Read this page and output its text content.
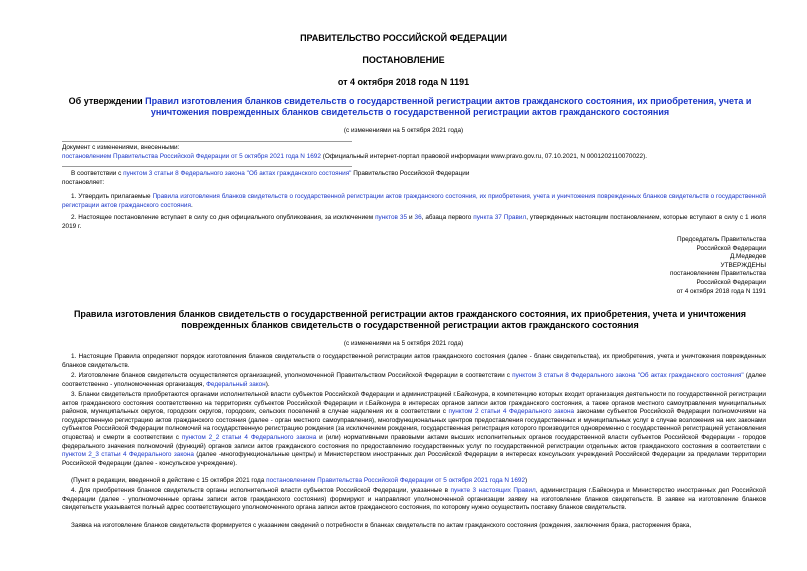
ПРАВИТЕЛЬСТВО РОССИЙСКОЙ ФЕДЕРАЦИИ
ПОСТАНОВЛЕНИЕ
от 4 октября 2018 года N 1191
Об утверждении Правил изготовления бланков свидетельств о государственной регистрации актов гражданского состояния, их приобретения, учета и уничтожения поврежденных бланков свидетельств о государственной регистрации актов гражданского состояния
(с изменениями на 5 октября 2021 года)
Документ с изменениями, внесенными:
постановлением Правительства Российской Федерации от 5 октября 2021 года N 1692 (Официальный интернет-портал правовой информации www.pravo.gov.ru, 07.10.2021, N 0001202110070022).
В соответствии с пунктом 3 статьи 8 Федерального закона "Об актах гражданского состояния" Правительство Российской Федерации
постановляет:
1. Утвердить прилагаемые Правила изготовления бланков свидетельств о государственной регистрации актов гражданского состояния, их приобретения, учета и уничтожения поврежденных бланков свидетельств о государственной регистрации актов гражданского состояния.
2. Настоящее постановление вступает в силу со дня официального опубликования, за исключением пунктов 35 и 36, абзаца первого пункта 37 Правил, утвержденных настоящим постановлением, которые вступают в силу с 1 июля 2019 г.
Председатель Правительства
Российской Федерации
Д.Медведев
УТВЕРЖДЕНЫ
постановлением Правительства
Российской Федерации
от 4 октября 2018 года N 1191
Правила изготовления бланков свидетельств о государственной регистрации актов гражданского состояния, их приобретения, учета и уничтожения поврежденных бланков свидетельств о государственной регистрации актов гражданского состояния
(с изменениями на 5 октября 2021 года)
1. Настоящие Правила определяют порядок изготовления бланков свидетельств о государственной регистрации актов гражданского состояния (далее - бланк свидетельства), их приобретения, учета и уничтожения поврежденных бланков свидетельств.
2. Изготовление бланков свидетельств осуществляется организацией, уполномоченной Правительством Российской Федерации в соответствии с пунктом 3 статьи 8 Федерального закона "Об актах гражданского состояния" (далее соответственно - уполномоченная организация, Федеральный закон).
3. Бланки свидетельств приобретаются органами исполнительной власти субъектов Российской Федерации и администрацией г.Байконура, в компетенцию которых входит организация деятельности по государственной регистрации актов гражданского состояния соответственно на территориях субъектов Российской Федерации и г.Байконура в интересах органов записи актов гражданского состояния, а также органов местного самоуправления муниципальных районов, муниципальных округов, городских округов, городских, сельских поселений в случае наделения их в соответствии с пунктом 2 статьи 4 Федерального закона законами субъектов Российской Федерации полномочиями на государственную регистрацию актов гражданского состояния (далее - орган местного самоуправления), многофункциональных центров предоставления государственных и муниципальных услуг в случае возложения на них законами субъектов Российской Федерации полномочий на государственную регистрацию рождения (за исключением рождения, государственная регистрация которого производится одновременно с государственной регистрацией установления отцовства) и смерти в соответствии с пунктом 2_2 статьи 4 Федерального закона и (или) нормативными правовыми актами высших исполнительных органов государственной власти субъектов Российской Федерации - городов федерального значения полномочий (функций) органов записи актов гражданского состояния по предоставлению государственных услуг по государственной регистрации отдельных актов гражданского состояния в соответствии с пунктом 2_3 статьи 4 Федерального закона (далее -многофункциональные центры) и Министерством иностранных дел Российской Федерации в интересах консульских учреждений Российской Федерации за пределами территории Российской Федерации (далее - консульское учреждение).
(Пункт в редакции, введенной в действие с 15 октября 2021 года постановлением Правительства Российской Федерации от 5 октября 2021 года N 1692)
4. Для приобретения бланков свидетельств органы исполнительной власти субъектов Российской Федерации, указанные в пункте 3 настоящих Правил, администрация г.Байконура и Министерство иностранных дел Российской Федерации (далее - уполномоченные органы записи актов гражданского состояния) формируют и направляют уполномоченной организации заявку на изготовление бланков свидетельств. В заявке на изготовление бланков свидетельств указывается полный адрес соответствующего уполномоченного органа записи актов гражданского состояния, по которому нужно осуществить поставку бланков свидетельств.
Заявка на изготовление бланков свидетельств формируется с указанием сведений о потребности в бланках свидетельств по актам гражданского состояния (рождения, заключения брака, расторжения брака,
